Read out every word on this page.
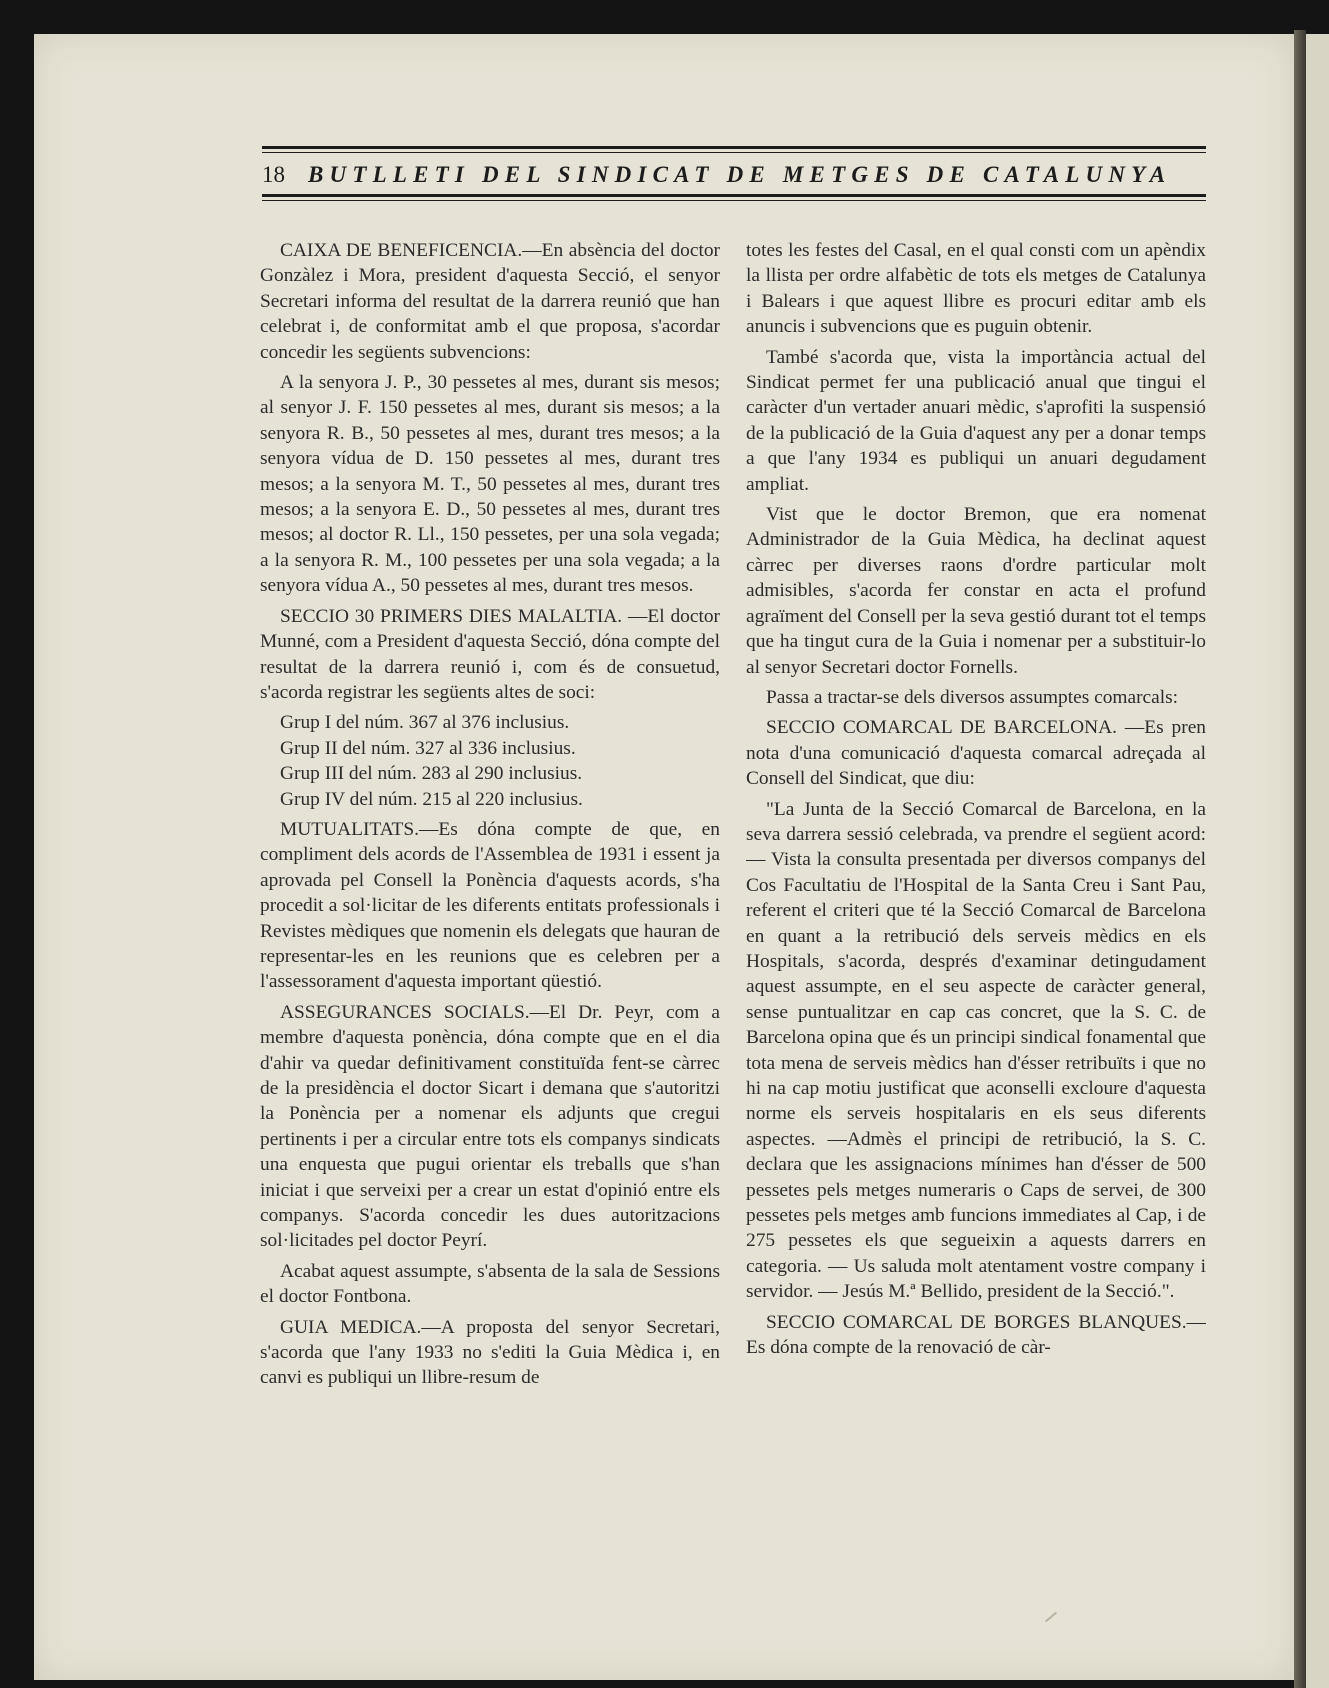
18	BUTLLETI DEL SINDICAT DE METGES DE CATALUNYA

CAIXA DE BENEFICENCIA.—En absència del doctor Gonzàlez i Mora, president d'aquesta Secció, el senyor Secretari informa del resultat de la darrera reunió que han celebrat i, de conformitat amb el que proposa, s'acordar concedir les següents subvencions:

A la senyora J. P., 30 pessetes al mes, durant sis mesos; al senyor J. F. 150 pessetes al mes, durant sis mesos; a la senyora R. B., 50 pessetes al mes, durant tres mesos; a la senyora vídua de D. 150 pessetes al mes, durant tres mesos; a la senyora M. T., 50 pessetes al mes, durant tres mesos; a la senyora E. D., 50 pessetes al mes, durant tres mesos; al doctor R. Ll., 150 pessetes, per una sola vegada; a la senyora R. M., 100 pessetes per una sola vegada; a la senyora vídua A., 50 pessetes al mes, durant tres mesos.

SECCIO 30 PRIMERS DIES MALALTIA. —El doctor Munné, com a President d'aquesta Secció, dóna compte del resultat de la darrera reunió i, com és de consuetud, s'acorda registrar les següents altes de soci:

Grup I del núm. 367 al 376 inclusius.

Grup II del núm. 327 al 336 inclusius.

Grup III del núm. 283 al 290 inclusius.

Grup IV del núm. 215 al 220 inclusius.

MUTUALITATS.—Es dóna compte de que, en compliment dels acords de l'Assemblea de 1931 i essent ja aprovada pel Consell la Ponència d'aquests acords, s'ha procedit a sol·licitar de les diferents entitats professionals i Revistes mèdiques que nomenin els delegats que hauran de representar-les en les reunions que es celebren per a l'assessorament d'aquesta important qüestió.

ASSEGURANCES SOCIALS.—El Dr. Peyr, com a membre d'aquesta ponència, dóna compte que en el dia d'ahir va quedar definitivament constituïda fent-se càrrec de la presidència el doctor Sicart i demana que s'autoritzi la Ponència per a nomenar els adjunts que cregui pertinents i per a circular entre tots els companys sindicats una enquesta que pugui orientar els treballs que s'han iniciat i que serveixi per a crear un estat d'opinió entre els companys. S'acorda concedir les dues autoritzacions sol·licitades pel doctor Peyrí.

Acabat aquest assumpte, s'absenta de la sala de Sessions el doctor Fontbona.

GUIA MEDICA.—A proposta del senyor Secretari, s'acorda que l'any 1933 no s'editi la Guia Mèdica i, en canvi es publiqui un llibre-resum de

totes les festes del Casal, en el qual consti com un apèndix la llista per ordre alfabètic de tots els metges de Catalunya i Balears i que aquest llibre es procuri editar amb els anuncis i subvencions que es puguin obtenir.

També s'acorda que, vista la importància actual del Sindicat permet fer una publicació anual que tingui el caràcter d'un vertader anuari mèdic, s'aprofiti la suspensió de la publicació de la Guia d'aquest any per a donar temps a que l'any 1934 es publiqui un anuari degudament ampliat.

Vist que le doctor Bremon, que era nomenat Administrador de la Guia Mèdica, ha declinat aquest càrrec per diverses raons d'ordre particular molt admisibles, s'acorda fer constar en acta el profund agraïment del Consell per la seva gestió durant tot el temps que ha tingut cura de la Guia i nomenar per a substituir-lo al senyor Secretari doctor Fornells.

Passa a tractar-se dels diversos assumptes comarcals:

SECCIO COMARCAL DE BARCELONA. —Es pren nota d'una comunicació d'aquesta comarcal adreçada al Consell del Sindicat, que diu:

"La Junta de la Secció Comarcal de Barcelona, en la seva darrera sessió celebrada, va prendre el següent acord: — Vista la consulta presentada per diversos companys del Cos Facultatiu de l'Hospital de la Santa Creu i Sant Pau, referent el criteri que té la Secció Comarcal de Barcelona en quant a la retribució dels serveis mèdics en els Hospitals, s'acorda, després d'examinar detingudament aquest assumpte, en el seu aspecte de caràcter general, sense puntualitzar en cap cas concret, que la S. C. de Barcelona opina que és un principi sindical fonamental que tota mena de serveis mèdics han d'ésser retribuïts i que no hi na cap motiu justificat que aconselli excloure d'aquesta norme els serveis hospitalaris en els seus diferents aspectes. —Admès el principi de retribució, la S. C. declara que les assignacions mínimes han d'ésser de 500 pessetes pels metges numeraris o Caps de servei, de 300 pessetes pels metges amb funcions immediates al Cap, i de 275 pessetes els que segueixin a aquests darrers en categoria. — Us saluda molt atentament vostre company i servidor. — Jesús M.ª Bellido, president de la Secció.".

SECCIO COMARCAL DE BORGES BLANQUES.—Es dóna compte de la renovació de càr-
